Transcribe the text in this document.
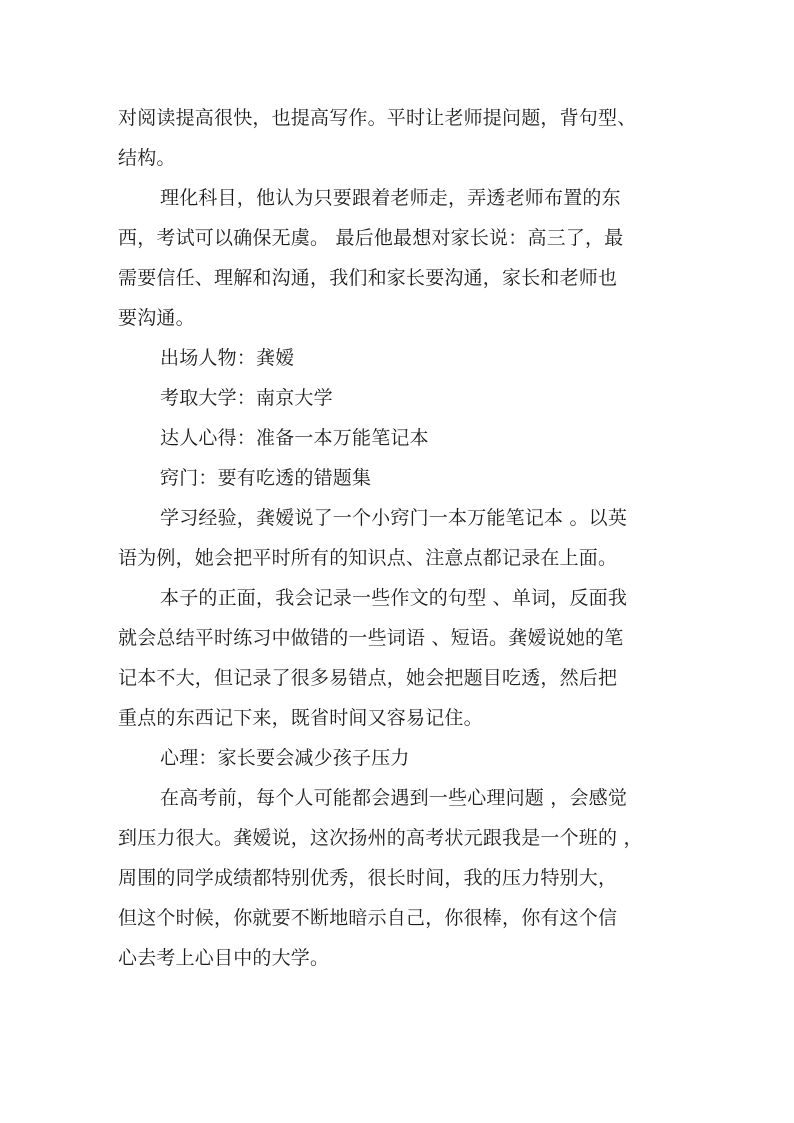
对阅读提高很快，也提高写作。平时让老师提问题，背句型、
结构。
理化科目，他认为只要跟着老师走，弄透老师布置的东
西，考试可以确保无虞。 最后他最想对家长说：高三了，最
需要信任、理解和沟通，我们和家长要沟通，家长和老师也
要沟通。
出场人物：龚嫒
考取大学：南京大学
达人心得：准备一本万能笔记本
窍门：要有吃透的错题集
学习经验，龚嫒说了一个小窍门一本万能笔记本 。以英
语为例，她会把平时所有的知识点、注意点都记录在上面。
本子的正面，我会记录一些作文的句型 、单词，反面我
就会总结平时练习中做错的一些词语 、短语。龚嫒说她的笔
记本不大，但记录了很多易错点，她会把题目吃透，然后把
重点的东西记下来，既省时间又容易记住。
心理：家长要会减少孩子压力
在高考前，每个人可能都会遇到一些心理问题 ，会感觉
到压力很大。龚嫒说，这次扬州的高考状元跟我是一个班的 ，
周围的同学成绩都特别优秀，很长时间，我的压力特别大，
但这个时候，你就要不断地暗示自己，你很棒，你有这个信
心去考上心目中的大学。
